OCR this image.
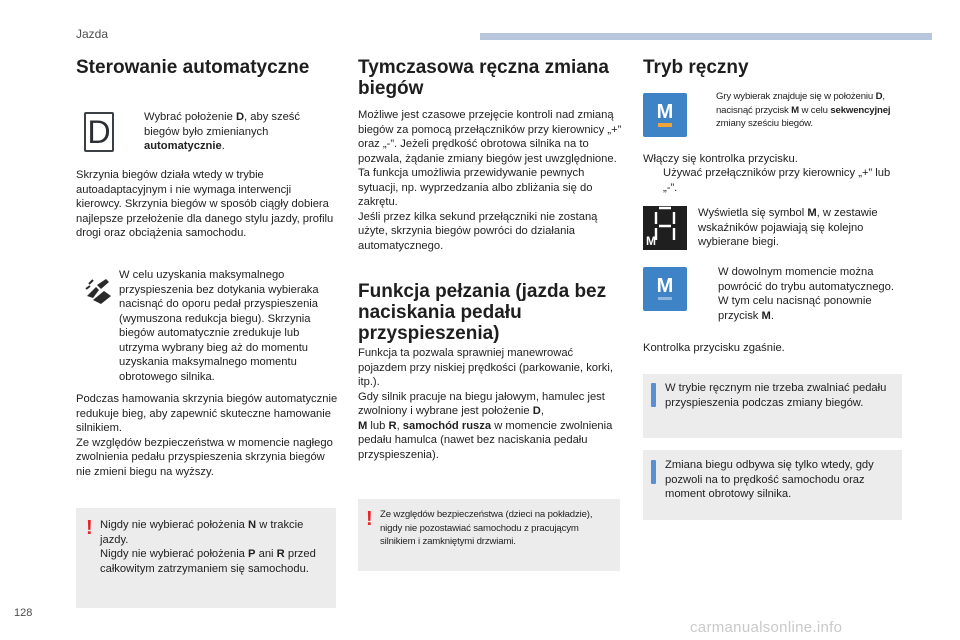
Jazda
128
carmanualsonline.info
Sterowanie automatyczne
D	Wybrać położenie D, aby sześć biegów było zmienianych automatycznie.

Skrzynia biegów działa wtedy w trybie autoadaptacyjnym i nie wymaga interwencji kierowcy. Skrzynia biegów w sposób ciągły dobiera najlepsze przełożenie dla danego stylu jazdy, profilu drogi oraz obciążenia samochodu.

W celu uzyskania maksymalnego przyspieszenia bez dotykania wybieraka nacisnąć do oporu pedał przyspieszenia (wymuszona redukcja biegu). Skrzynia biegów automatycznie zredukuje lub utrzyma wybrany bieg aż do momentu uzyskania maksymalnego momentu obrotowego silnika.

Podczas hamowania skrzynia biegów automatycznie redukuje bieg, aby zapewnić skuteczne hamowanie silnikiem.
Ze względów bezpieczeństwa w momencie nagłego zwolnienia pedału przyspieszenia skrzynia biegów nie zmieni biegu na wyższy.

! Nigdy nie wybierać położenia N w trakcie jazdy.
Nigdy nie wybierać położenia P ani R przed całkowitym zatrzymaniem się samochodu.

Tymczasowa ręczna zmiana biegów

Możliwe jest czasowe przejęcie kontroli nad zmianą biegów za pomocą przełączników przy kierownicy „+” oraz „-”. Jeżeli prędkość obrotowa silnika na to pozwala, żądanie zmiany biegów jest uwzględnione.
Ta funkcja umożliwia przewidywanie pewnych sytuacji, np. wyprzedzania albo zbliżania się do zakrętu.
Jeśli przez kilka sekund przełączniki nie zostaną użyte, skrzynia biegów powróci do działania automatycznego.

Funkcja pełzania (jazda bez naciskania pedału przyspieszenia)

Funkcja ta pozwala sprawniej manewrować pojazdem przy niskiej prędkości (parkowanie, korki, itp.).
Gdy silnik pracuje na biegu jałowym, hamulec jest zwolniony i wybrane jest położenie D,
M lub R, samochód rusza w momencie zwolnienia pedału hamulca (nawet bez naciskania pedału przyspieszenia).

! Ze względów bezpieczeństwa (dzieci na pokładzie), nigdy nie pozostawiać samochodu z pracującym silnikiem i zamkniętymi drzwiami.

Tryb ręczny
M
Gry wybierak znajduje się w położeniu D, nacisnąć przycisk M w celu sekwencyjnej zmiany sześciu biegów.

Włączy się kontrolka przycisku.

Używać przełączników przy kierownicy „+” lub „-”.
M

Wyświetla się symbol M, w zestawie wskaźników pojawiają się kolejno wybierane biegi.

M
W dowolnym momencie można powrócić do trybu automatycznego. W tym celu nacisnąć ponownie przycisk M.

Kontrolka przycisku zgaśnie.

W trybie ręcznym nie trzeba zwalniać pedału przyspieszenia podczas zmiany biegów.

Zmiana biegu odbywa się tylko wtedy, gdy pozwoli na to prędkość samochodu oraz moment obrotowy silnika.
